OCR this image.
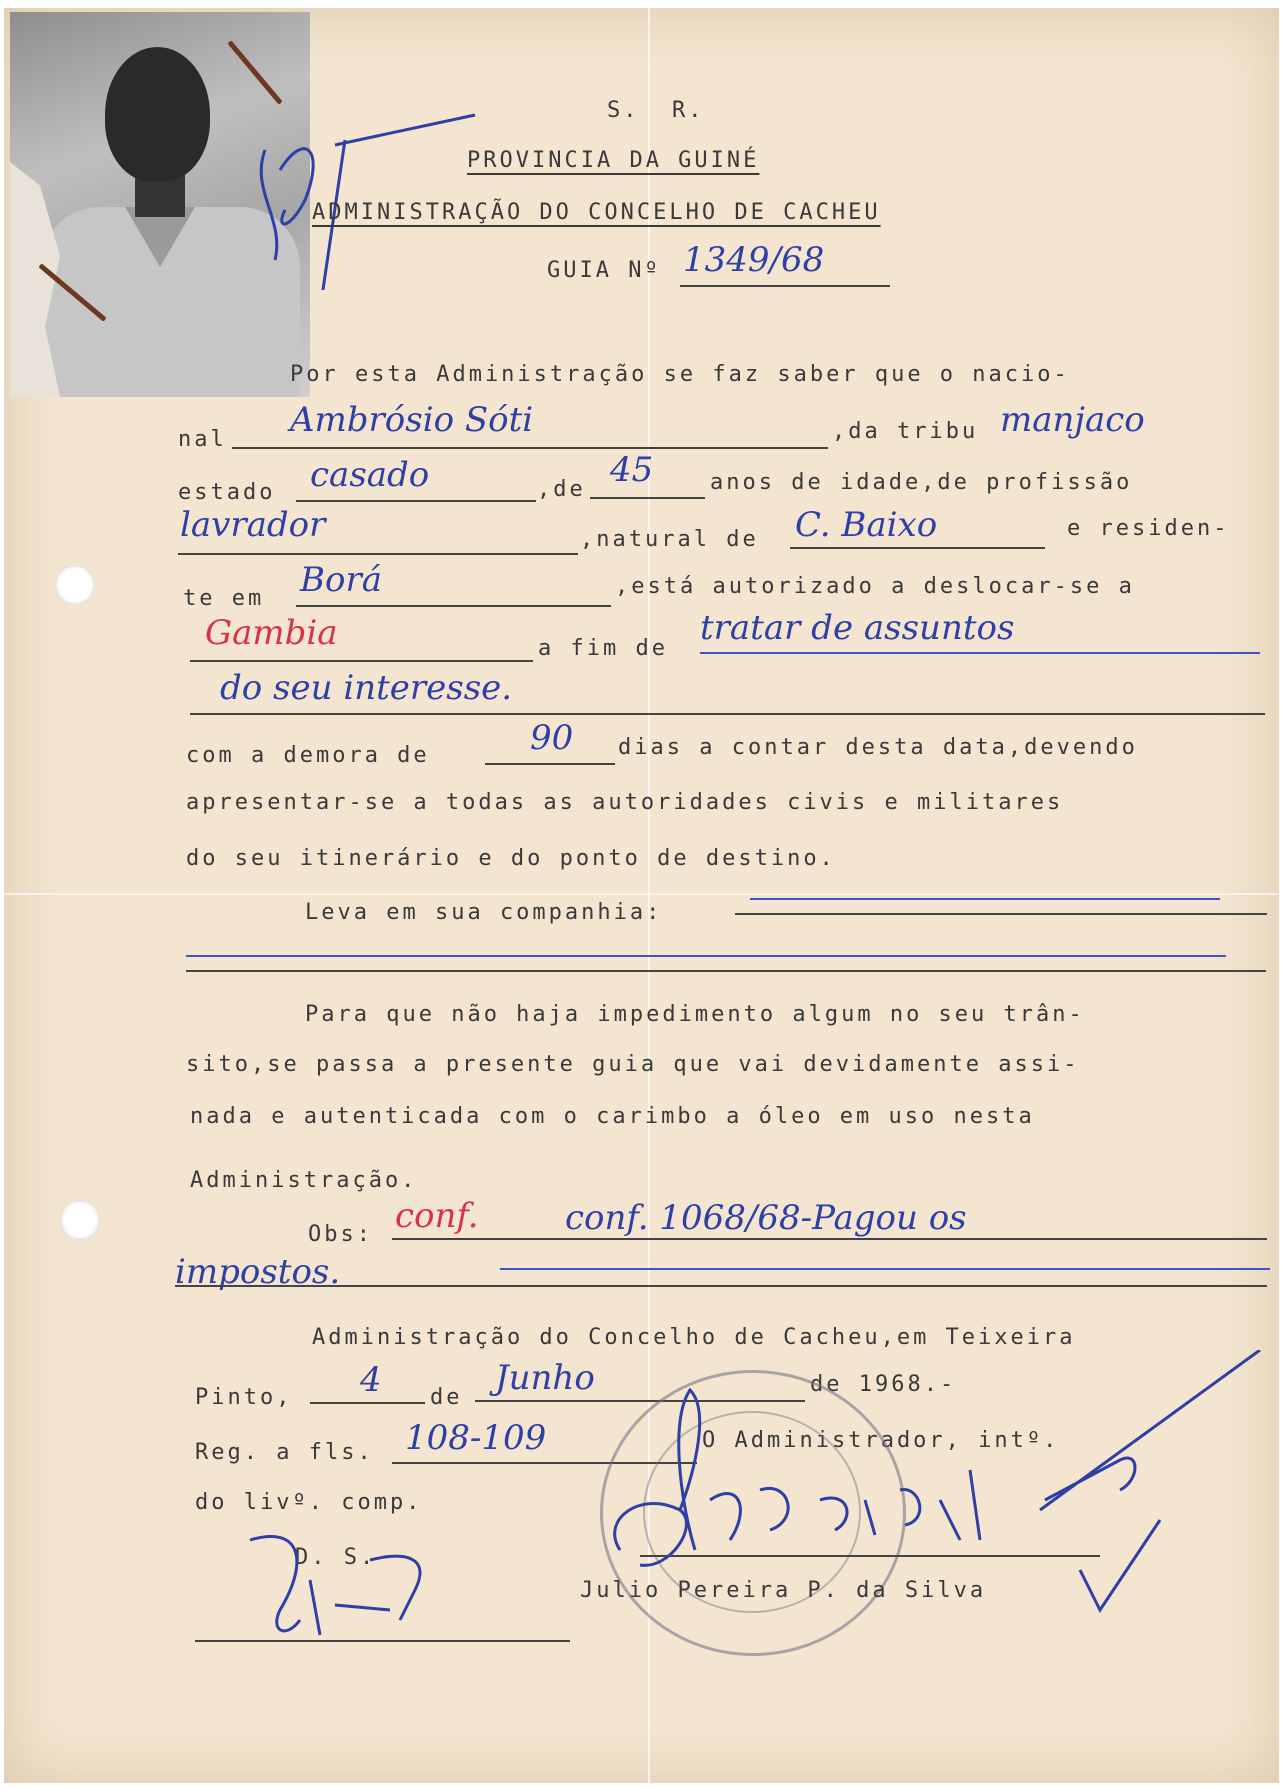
S.  R.
PROVINCIA DA GUINÉ
ADMINISTRAÇÃO DO CONCELHO DE CACHEU
GUIA Nº 1349/68
Por esta Administração se faz saber que o nacio-
nal Ambrósio Sóti	,da tribu manjaco
estado casado	,de 45	anos de idade,de profissão
lavrador	,natural de C. Baixo	e residen-
te em Borá	,está autorizado a deslocar-se a
Gambia	a fim de
tratar de assuntos
do seu interesse.
com a demora de	90 dias a contar desta data,devendo
apresentar-se a todas as autoridades civis e militares
do seu itinerário e do ponto de destino.
Leva em sua companhia:
Para que não haja impedimento algum no seu trân-
sito,se passa a presente guia que vai devidamente assi-
nada e autenticada com o carimbo a óleo em uso nesta
Administração.
Obs: conf.	conf. 1068/68-Pagou os
impostos.
Administração do Concelho de Cacheu,em Teixeira
Pinto, 4 de Junho	de 1968.-
Reg. a fls. 108-109	O Administrador, intº.
do livº. comp.
D. S.
Julio Pereira P. da Silva
